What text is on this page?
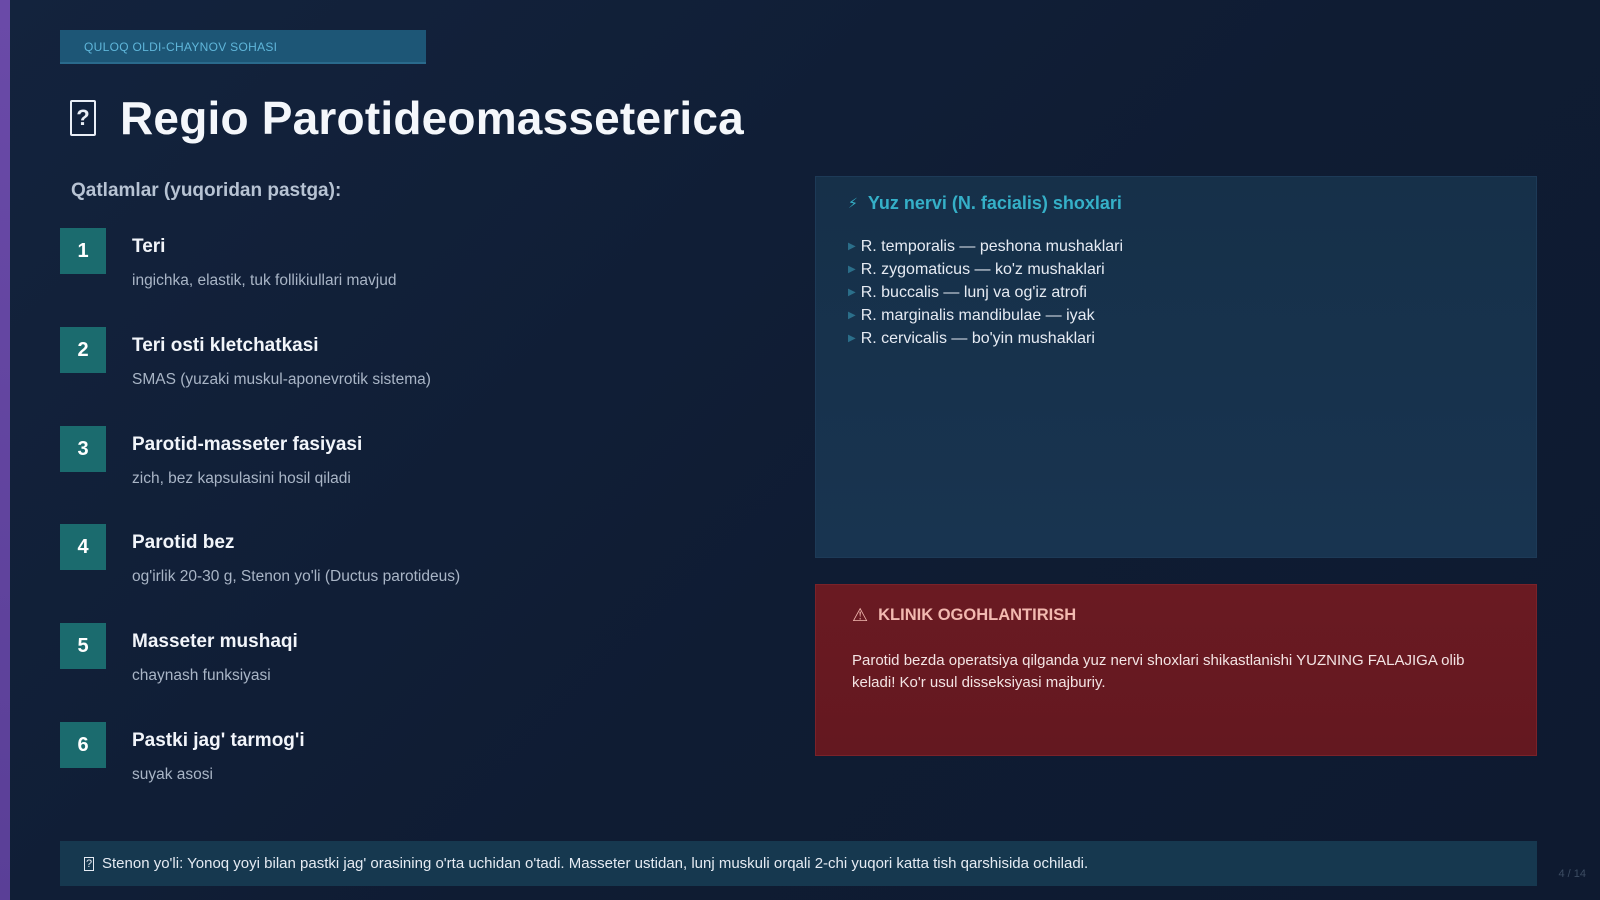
QULOQ OLDI-CHAYNOV SOHASI
? Regio Parotideomasseterica
Qatlamlar (yuqoridan pastga):
1	Teri
ingichka, elastik, tuk follikiullari mavjud
2	Teri osti kletchatkasi
SMAS (yuzaki muskul-aponevrotik sistema)
3	Parotid-masseter fasiyasi
zich, bez kapsulasini hosil qiladi
4	Parotid bez
og'irlik 20-30 g, Stenon yo'li (Ductus parotideus)
5	Masseter mushaqi
chaynash funksiyasi
6	Pastki jag' tarmog'i
suyak asosi
⚡ Yuz nervi (N. facialis) shoxlari
▶ R. temporalis — peshona mushaklari
▶ R. zygomaticus — ko'z mushaklari
▶ R. buccalis — lunj va og'iz atrofi
▶ R. marginalis mandibulae — iyak
▶ R. cervicalis — bo'yin mushaklari
⚠ KLINIK OGOHLANTIRISH
Parotid bezda operatsiya qilganda yuz nervi shoxlari shikastlanishi YUZNING FALAJIGA olib keladi! Ko'r usul disseksiyasi majburiy.
? Stenon yo'li: Yonoq yoyi bilan pastki jag' orasining o'rta uchidan o'tadi. Masseter ustidan, lunj muskuli orqali 2-chi yuqori katta tish qarshisida ochiladi.
4 / 14
